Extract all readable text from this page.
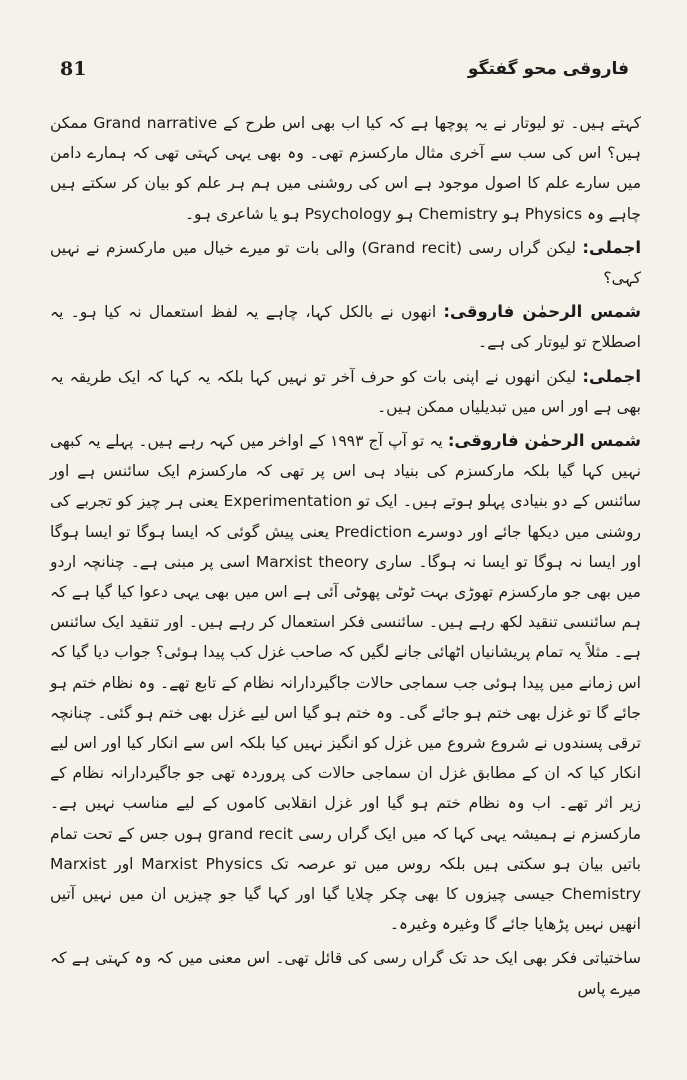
81	فاروقی محو گفتگو

کہتے ہیں۔ تو لیوتار نے یہ پوچھا ہے کہ کیا اب بھی اس طرح کے Grand narrative ممکن ہیں؟ اس کی سب سے آخری مثال مارکسزم تھی۔ وہ بھی یہی کہتی تھی کہ ہمارے دامن میں سارے علم کا اصول موجود ہے اس کی روشنی میں ہم ہر علم کو بیان کر سکتے ہیں چاہے وہ Physics ہو Chemistry ہو Psychology ہو یا شاعری ہو۔

اجملی: لیکن گراں رسی (Grand recit) والی بات تو میرے خیال میں مارکسزم نے نہیں کہی؟

شمس الرحمٰن فاروقی: انھوں نے بالکل کہا، چاہے یہ لفظ استعمال نہ کیا ہو۔ یہ اصطلاح تو لیوتار کی ہے۔

اجملی: لیکن انھوں نے اپنی بات کو حرف آخر تو نہیں کہا بلکہ یہ کہا کہ ایک طریقہ یہ بھی ہے اور اس میں تبدیلیاں ممکن ہیں۔

شمس الرحمٰن فاروقی: یہ تو آپ آج ۱۹۹۳ کے اواخر میں کہہ رہے ہیں۔ پہلے یہ کبھی نہیں کہا گیا بلکہ مارکسزم کی بنیاد ہی اس پر تھی کہ مارکسزم ایک سائنس ہے اور سائنس کے دو بنیادی پہلو ہوتے ہیں۔ ایک تو Experimentation یعنی ہر چیز کو تجربے کی روشنی میں دیکھا جائے اور دوسرے Prediction یعنی پیش گوئی کہ ایسا ہوگا تو ایسا ہوگا اور ایسا نہ ہوگا تو ایسا نہ ہوگا۔ ساری Marxist theory اسی پر مبنی ہے۔ چنانچہ اردو میں بھی جو مارکسزم تھوڑی بہت ٹوٹی پھوٹی آئی ہے اس میں بھی یہی دعوا کیا گیا ہے کہ ہم سائنسی تنقید لکھ رہے ہیں۔ سائنسی فکر استعمال کر رہے ہیں۔ اور تنقید ایک سائنس ہے۔ مثلاً یہ تمام پریشانیاں اٹھائی جانے لگیں کہ صاحب غزل کب پیدا ہوئی؟ جواب دیا گیا کہ اس زمانے میں پیدا ہوئی جب سماجی حالات جاگیردارانہ نظام کے تابع تھے۔ وہ نظام ختم ہو جائے گا تو غزل بھی ختم ہو جائے گی۔ وہ ختم ہو گیا اس لیے غزل بھی ختم ہو گئی۔ چنانچہ ترقی پسندوں نے شروع شروع میں غزل کو انگیز نہیں کیا بلکہ اس سے انکار کیا اور اس لیے انکار کیا کہ ان کے مطابق غزل ان سماجی حالات کی پروردہ تھی جو جاگیردارانہ نظام کے زیر اثر تھے۔ اب وہ نظام ختم ہو گیا اور غزل انقلابی کاموں کے لیے مناسب نہیں ہے۔ مارکسزم نے ہمیشہ یہی کہا کہ میں ایک گراں رسی grand recit ہوں جس کے تحت تمام باتیں بیان ہو سکتی ہیں بلکہ روس میں تو عرصہ تک Marxist Physics اور Marxist Chemistry جیسی چیزوں کا بھی چکر چلایا گیا اور کہا گیا جو چیزیں ان میں نہیں آتیں انھیں نہیں پڑھایا جائے گا وغیرہ وغیرہ۔

ساختیاتی فکر بھی ایک حد تک گراں رسی کی قائل تھی۔ اس معنی میں کہ وہ کہتی ہے کہ میرے پاس
